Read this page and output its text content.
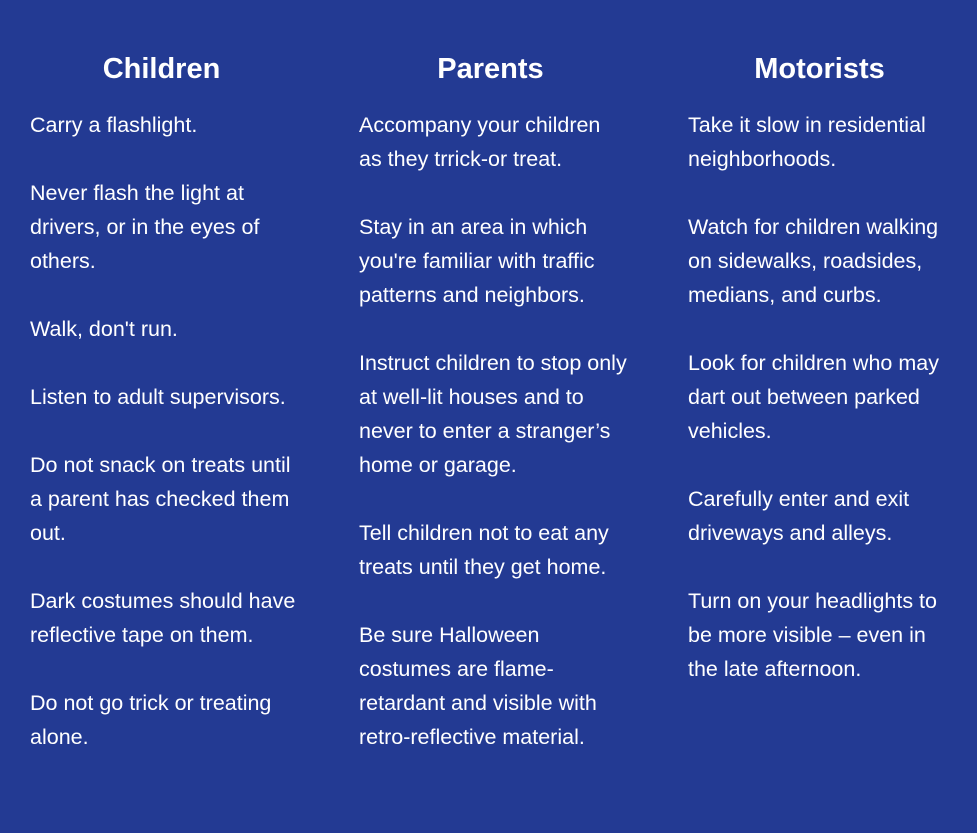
Children
Carry a flashlight.
Never flash the light at drivers, or in the eyes of others.
Walk, don't run.
Listen to adult supervisors.
Do not snack on treats until a parent has checked them out.
Dark costumes should have reflective tape on them.
Do not go trick or treating alone.
Parents
Accompany your children as they trrick-or treat.
Stay in an area in which you're familiar with traffic patterns and neighbors.
Instruct children to stop only at well-lit houses and to never to enter a stranger’s home or garage.
Tell children not to eat any treats until they get home.
Be sure Halloween costumes are flame-retardant and visible with retro-reflective material.
Motorists
Take it slow in residential neighborhoods.
Watch for children walking on sidewalks, roadsides, medians, and curbs.
Look for children who may dart out between parked vehicles.
Carefully enter and exit driveways and alleys.
Turn on your headlights to be more visible – even in the late afternoon.
